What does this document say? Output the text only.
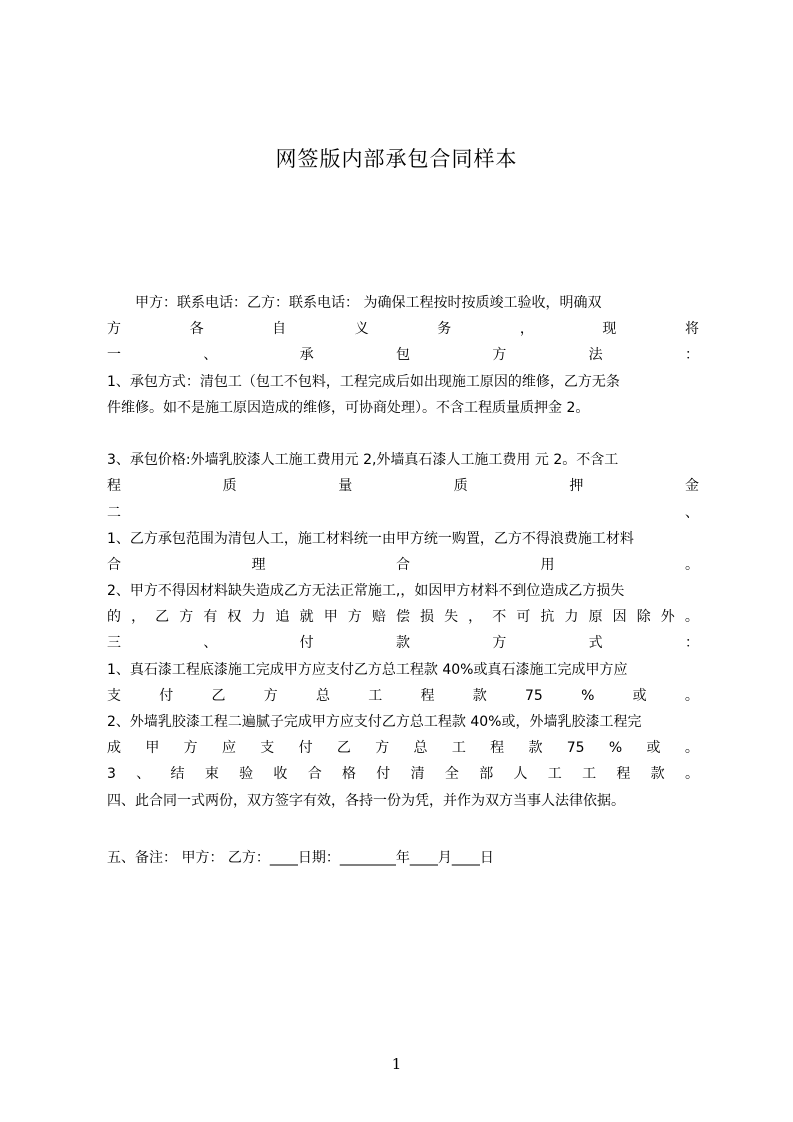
网签版内部承包合同样本
甲方：联系电话：乙方：联系电话： 为确保工程按时按质竣工验收，明确双
方	各	自	义	务	，	现	将
一	、	承	包	方	法	：
1、承包方式：清包工（包工不包料，工程完成后如出现施工原因的维修，乙方无条
件维修。如不是施工原因造成的维修，可协商处理）。不含工程质量质押金 2。
3、承包价格:外墙乳胶漆人工施工费用元 2,外墙真石漆人工施工费用 元 2。不含工
程	质	量	质	押	金
二	、
1、乙方承包范围为清包人工，施工材料统一由甲方统一购置，乙方不得浪费施工材料
合	理	合	用	。
2、甲方不得因材料缺失造成乙方无法正常施工,，如因甲方材料不到位造成乙方损失
的 ， 乙 方 有 权 力 追 就 甲 方 赔 偿 损 失 ， 不 可 抗 力 原 因 除 外 。
三	、	付	款	方	式	：
1、真石漆工程底漆施工完成甲方应支付乙方总工程款 40%或真石漆施工完成甲方应
支	付	乙	方	总	工	程	款	75	%	或	。
2、外墙乳胶漆工程二遍腻子完成甲方应支付乙方总工程款 40%或，外墙乳胶漆工程完
成 甲 方 应 支 付 乙 方 总 工 程 款 75 % 或 。
3 、 结 束 验 收 合 格 付 清 全 部 人 工 工 程 款 。
四、此合同一式两份，双方签字有效，各持一份为凭，并作为双方当事人法律依据。
五、备注： 甲方： 乙方：____日期：________年____月____日
1
